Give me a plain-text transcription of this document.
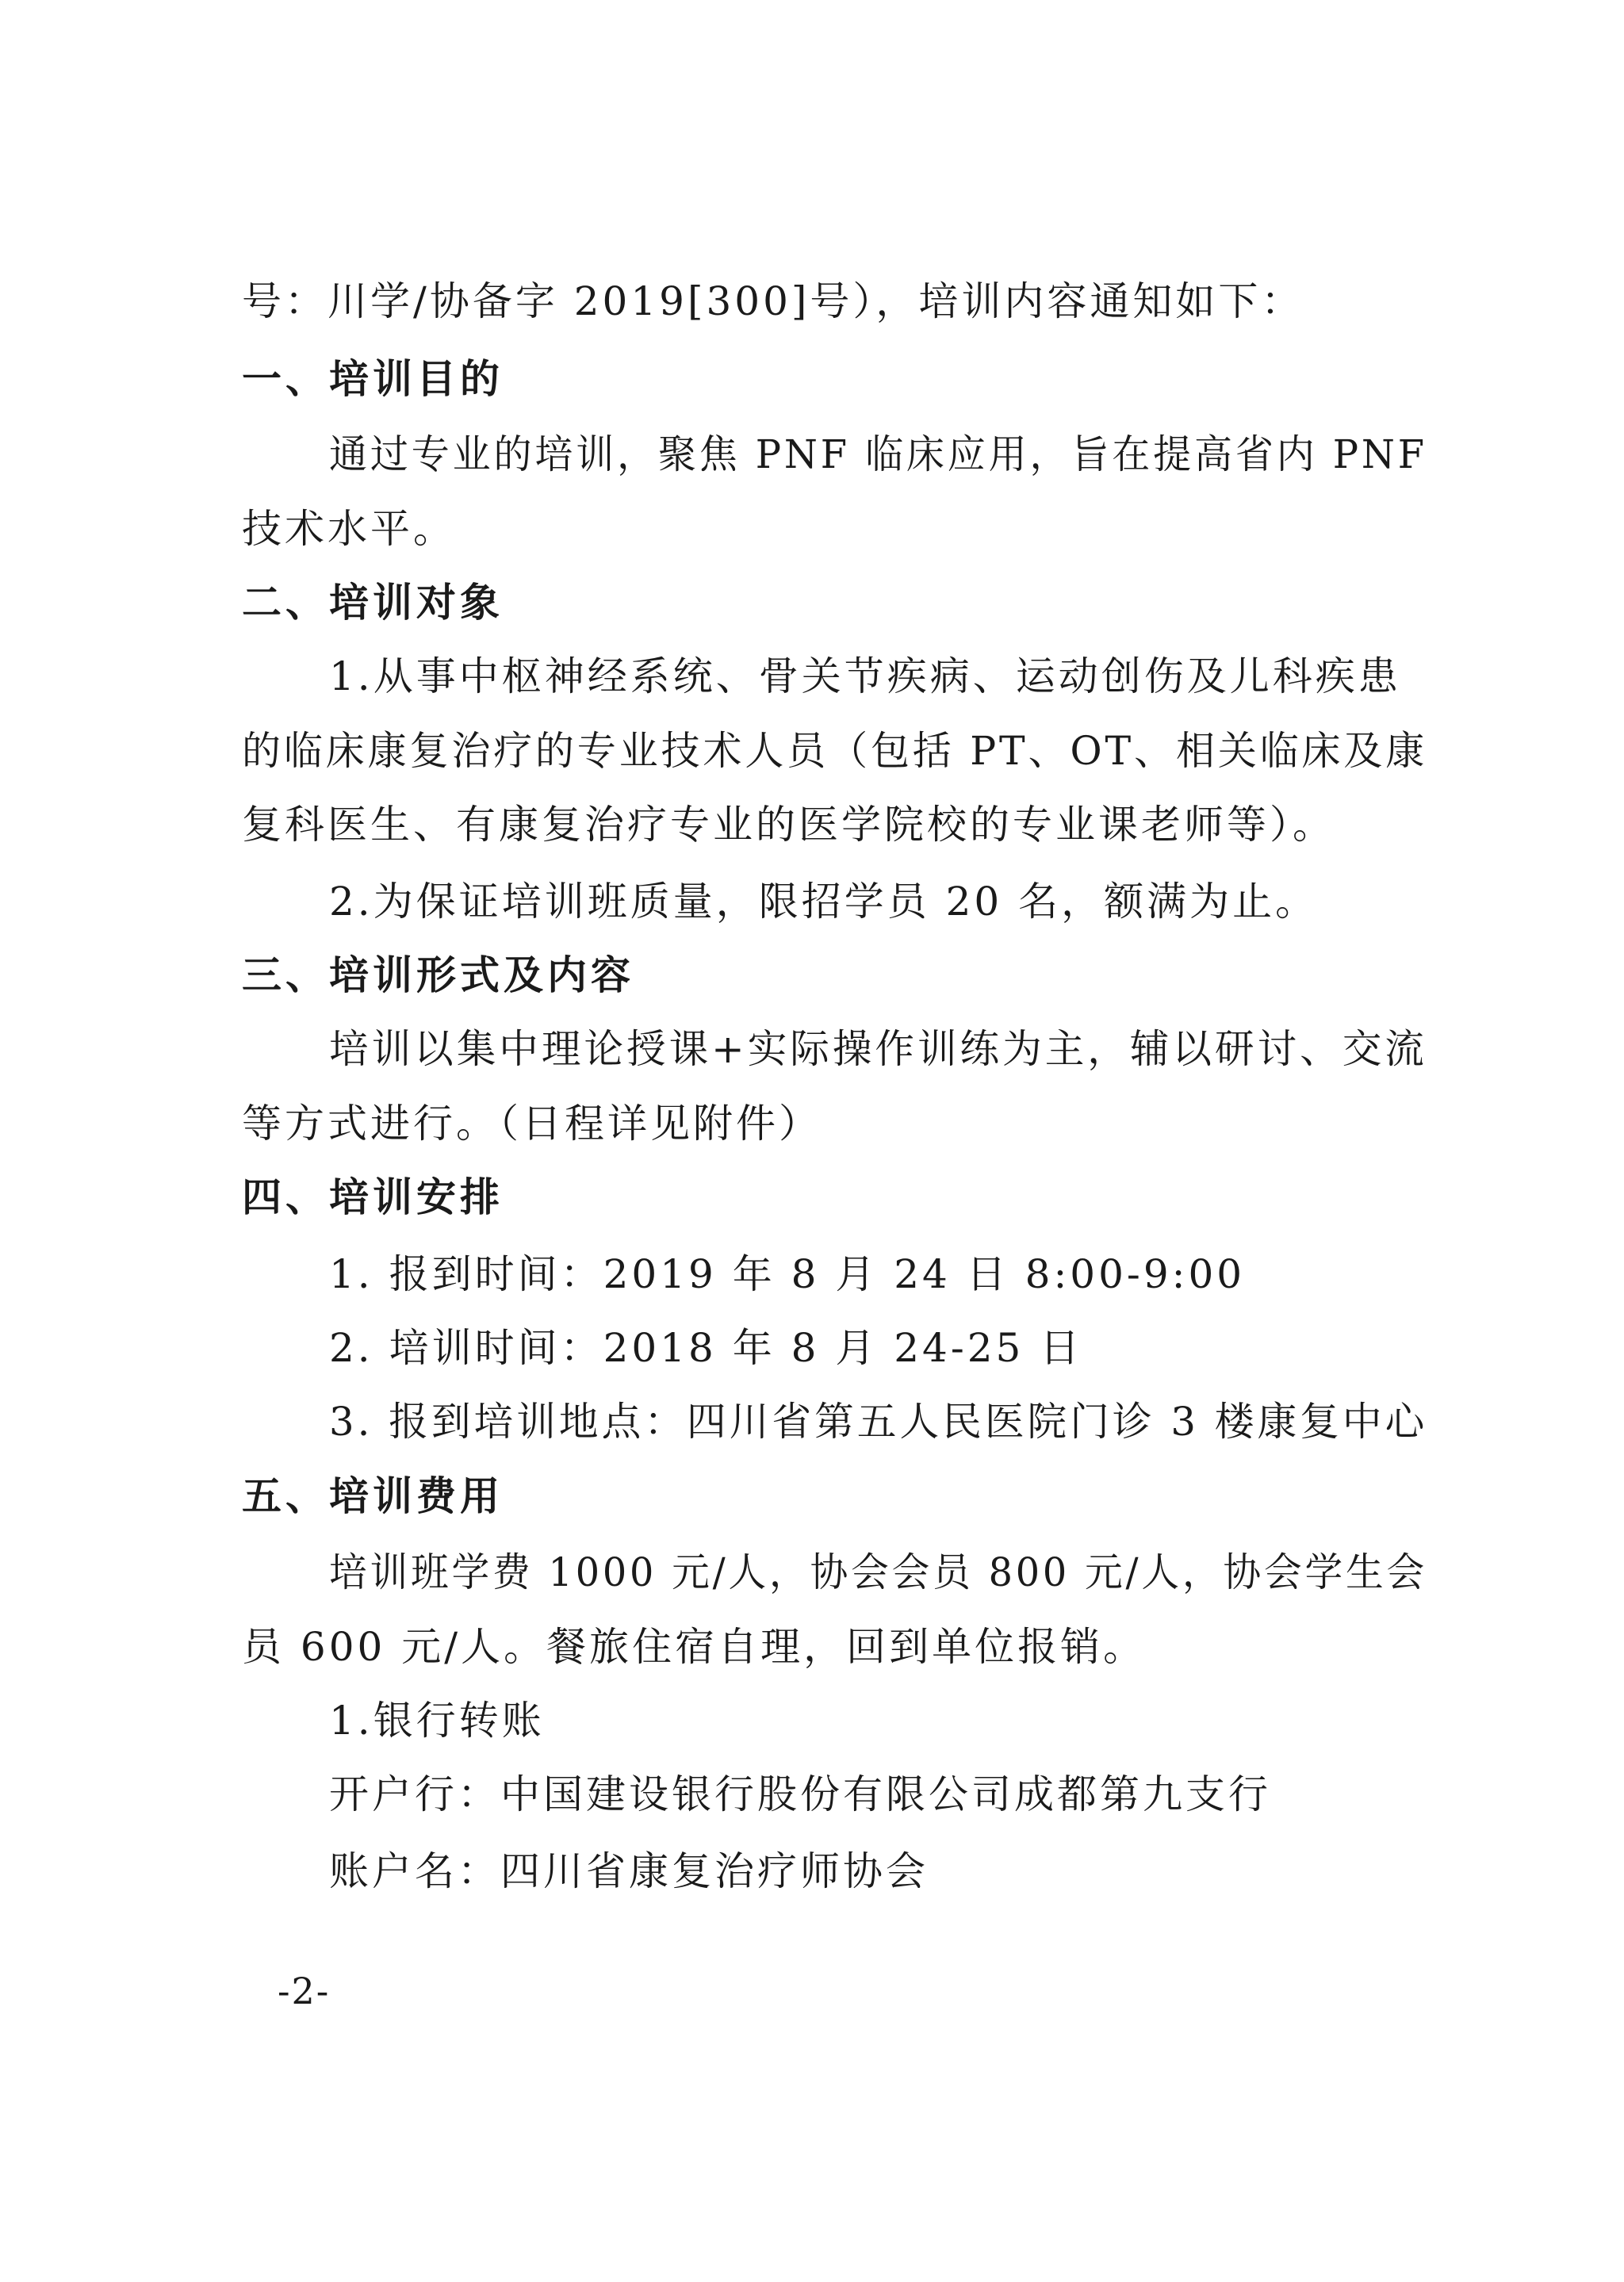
号：川学/协备字 2019[300]号），培训内容通知如下：
一、培训目的
通过专业的培训，聚焦 PNF 临床应用，旨在提高省内 PNF
技术水平。
二、培训对象
1.从事中枢神经系统、骨关节疾病、运动创伤及儿科疾患
的临床康复治疗的专业技术人员（包括 PT、OT、相关临床及康
复科医生、有康复治疗专业的医学院校的专业课老师等）。
2.为保证培训班质量，限招学员 20 名，额满为止。
三、培训形式及内容
培训以集中理论授课+实际操作训练为主，辅以研讨、交流
等方式进行。（日程详见附件）
四、培训安排
1. 报到时间：2019 年 8 月 24 日 8:00-9:00
2. 培训时间：2018 年 8 月 24-25 日
3. 报到培训地点：四川省第五人民医院门诊 3 楼康复中心
五、培训费用
培训班学费 1000 元/人，协会会员 800 元/人，协会学生会
员 600 元/人。餐旅住宿自理，回到单位报销。
1.银行转账
开户行：中国建设银行股份有限公司成都第九支行
账户名：四川省康复治疗师协会
-2-
